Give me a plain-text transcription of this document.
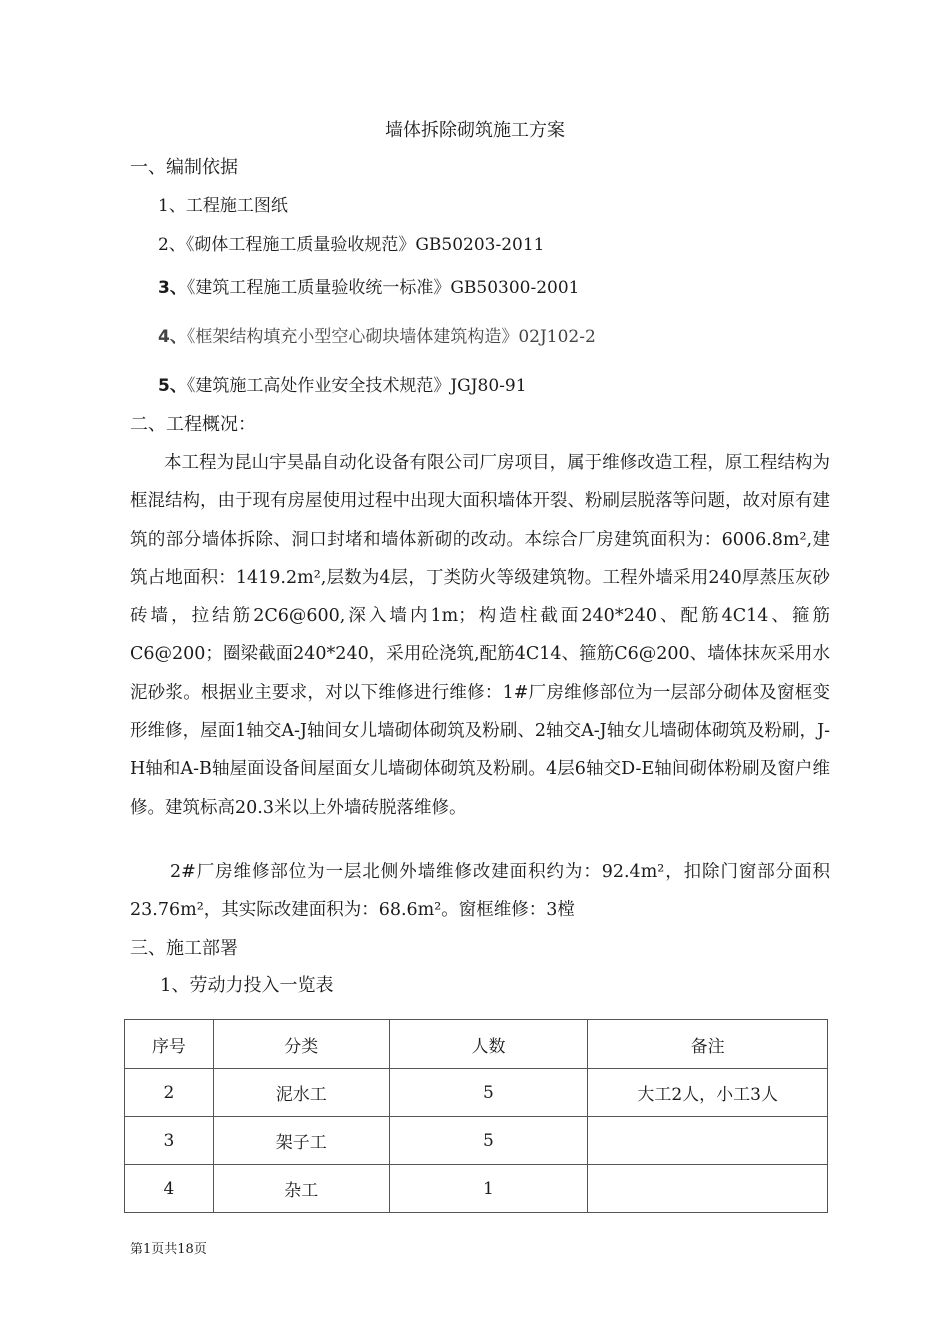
墙体拆除砌筑施工方案
一、编制依据
1、工程施工图纸
2、《砌体工程施工质量验收规范》GB50203-2011
3、《建筑工程施工质量验收统一标准》GB50300-2001
4、《框架结构填充小型空心砌块墙体建筑构造》02J102-2
5、《建筑施工高处作业安全技术规范》JGJ80-91
二、工程概况：
本工程为昆山宇昊晶自动化设备有限公司厂房项目，属于维修改造工程，原工程结构为框混结构，由于现有房屋使用过程中出现大面积墙体开裂、粉刷层脱落等问题，故对原有建筑的部分墙体拆除、洞口封堵和墙体新砌的改动。本综合厂房建筑面积为：6006.8m²,建筑占地面积：1419.2m²,层数为4层，丁类防火等级建筑物。工程外墙采用240厚蒸压灰砂砖墙，拉结筋2C6@600,深入墙内1m；构造柱截面240*240、配筋4C14、箍筋C6@200；圈梁截面240*240，采用砼浇筑,配筋4C14、箍筋C6@200、墙体抹灰采用水泥砂浆。根据业主要求，对以下维修进行维修：1#厂房维修部位为一层部分砌体及窗框变形维修，屋面1轴交A-J轴间女儿墙砌体砌筑及粉刷、2轴交A-J轴女儿墙砌体砌筑及粉刷，J-H轴和A-B轴屋面设备间屋面女儿墙砌体砌筑及粉刷。4层6轴交D-E轴间砌体粉刷及窗户维修。建筑标高20.3米以上外墙砖脱落维修。
2#厂房维修部位为一层北侧外墙维修改建面积约为：92.4m²，扣除门窗部分面积23.76m²，其实际改建面积为：68.6m²。窗框维修：3樘
三、施工部署
1、劳动力投入一览表
序号	分类	人数	备注
2	泥水工	5	大工2人，小工3人
3	架子工	5	
4	杂工	1	
第1页共18页
